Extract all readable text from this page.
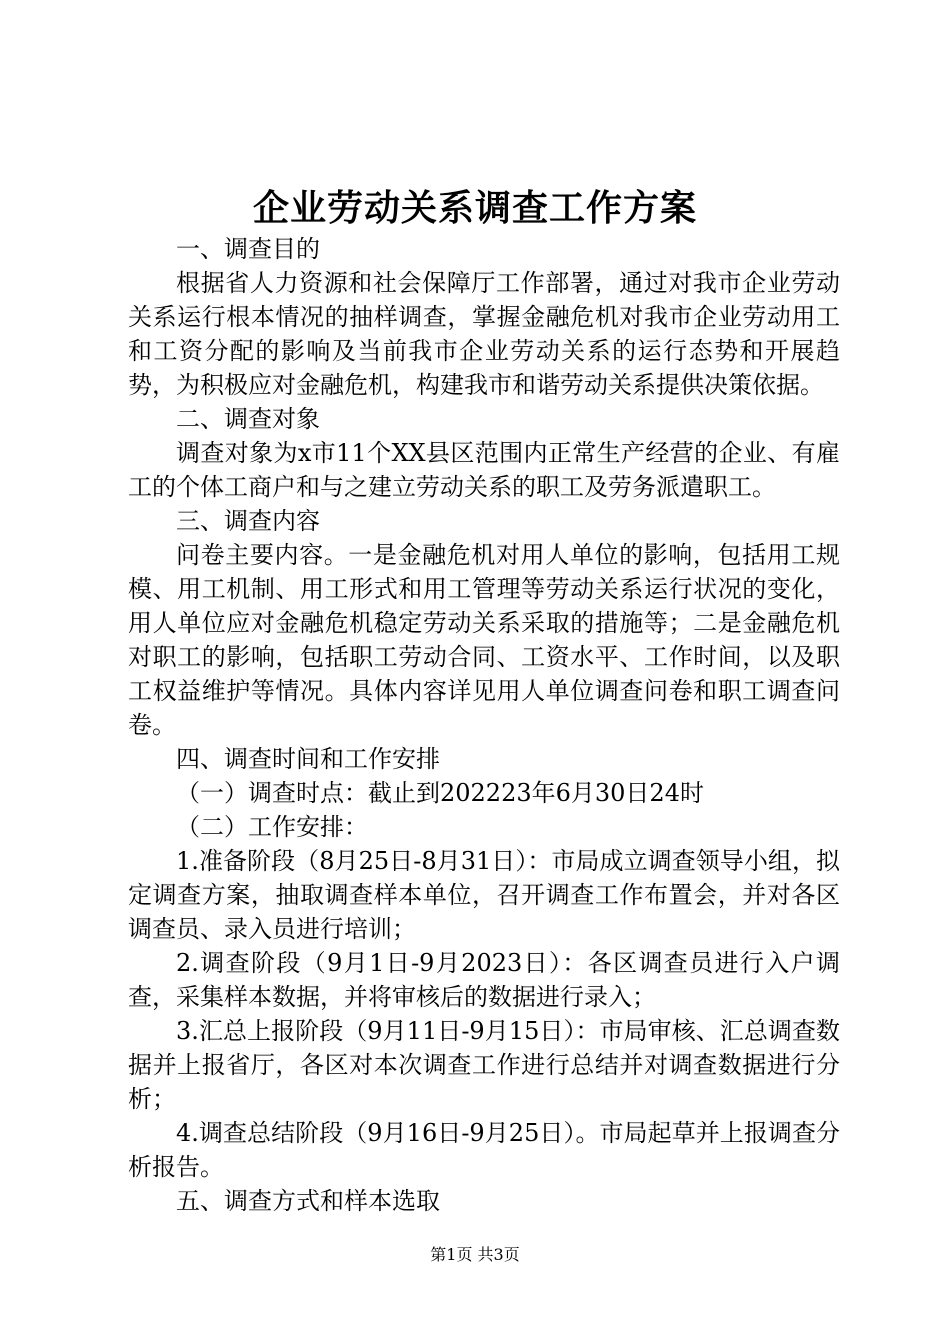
企业劳动关系调查工作方案

一、调查目的

根据省人力资源和社会保障厅工作部署，通过对我市企业劳动关系运行根本情况的抽样调查，掌握金融危机对我市企业劳动用工和工资分配的影响及当前我市企业劳动关系的运行态势和开展趋势，为积极应对金融危机，构建我市和谐劳动关系提供决策依据。

二、调查对象

调查对象为x市11个XX县区范围内正常生产经营的企业、有雇工的个体工商户和与之建立劳动关系的职工及劳务派遣职工。

三、调查内容

问卷主要内容。一是金融危机对用人单位的影响，包括用工规模、用工机制、用工形式和用工管理等劳动关系运行状况的变化，用人单位应对金融危机稳定劳动关系采取的措施等；二是金融危机对职工的影响，包括职工劳动合同、工资水平、工作时间，以及职工权益维护等情况。具体内容详见用人单位调查问卷和职工调查问卷。

四、调查时间和工作安排

（一）调查时点：截止到202223年6月30日24时

（二）工作安排：

1.准备阶段（8月25日-8月31日）：市局成立调查领导小组，拟定调查方案，抽取调查样本单位，召开调查工作布置会，并对各区调查员、录入员进行培训；

2.调查阶段（9月1日-9月2023日）：各区调查员进行入户调查，采集样本数据，并将审核后的数据进行录入；

3.汇总上报阶段（9月11日-9月15日）：市局审核、汇总调查数据并上报省厅，各区对本次调查工作进行总结并对调查数据进行分析；

4.调查总结阶段（9月16日-9月25日）。市局起草并上报调查分析报告。

五、调查方式和样本选取

第1页 共3页
